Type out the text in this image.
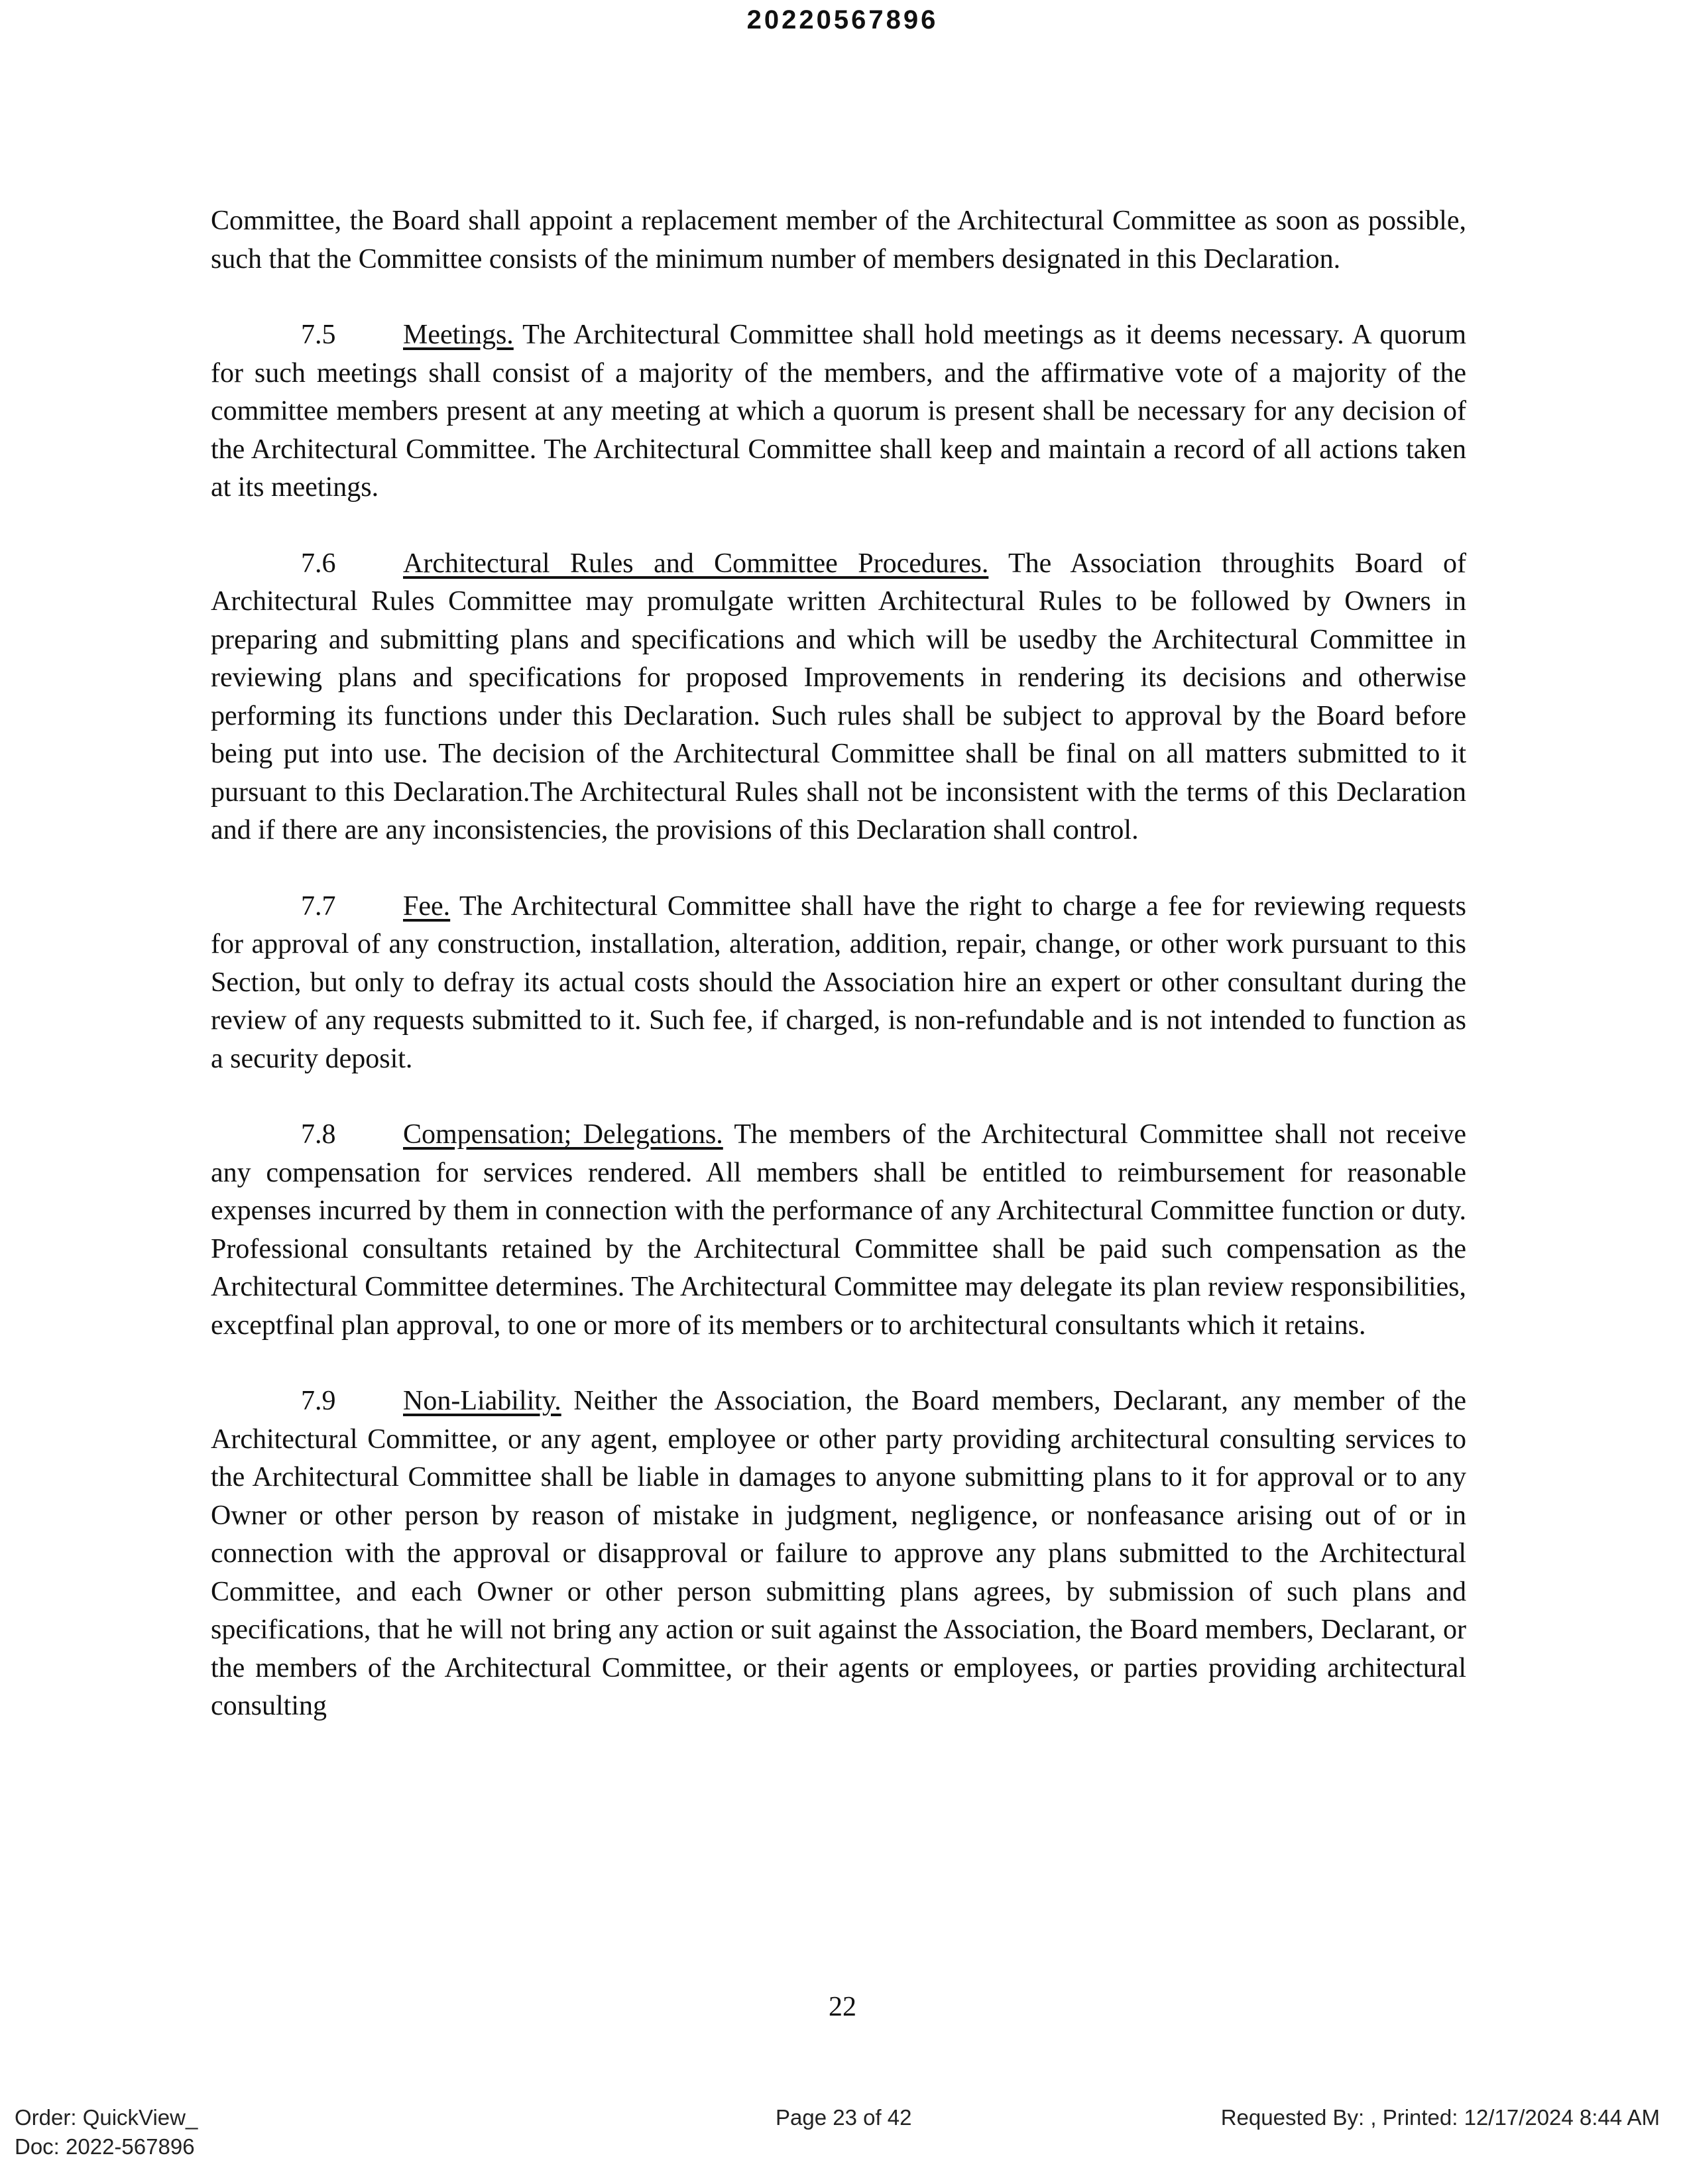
20220567896

Committee, the Board shall appoint a replacement member of the Architectural Committee as soon as possible, such that the Committee consists of the minimum number of members designated in this Declaration.

7.5 Meetings. The Architectural Committee shall hold meetings as it deems necessary. A quorum for such meetings shall consist of a majority of the members, and the affirmative vote of a majority of the committee members present at any meeting at which a quorum is present shall be necessary for any decision of the Architectural Committee. The Architectural Committee shall keep and maintain a record of all actions taken at its meetings.

7.6 Architectural Rules and Committee Procedures. The Association throughits Board of Architectural Rules Committee may promulgate written Architectural Rules to be followed by Owners in preparing and submitting plans and specifications and which will be usedby the Architectural Committee in reviewing plans and specifications for proposed Improvements in rendering its decisions and otherwise performing its functions under this Declaration. Such rules shall be subject to approval by the Board before being put into use. The decision of the Architectural Committee shall be final on all matters submitted to it pursuant to this Declaration.The Architectural Rules shall not be inconsistent with the terms of this Declaration and if there are any inconsistencies, the provisions of this Declaration shall control.

7.7 Fee. The Architectural Committee shall have the right to charge a fee for reviewing requests for approval of any construction, installation, alteration, addition, repair, change, or other work pursuant to this Section, but only to defray its actual costs should the Association hire an expert or other consultant during the review of any requests submitted to it. Such fee, if charged, is non-refundable and is not intended to function as a security deposit.

7.8 Compensation; Delegations. The members of the Architectural Committee shall not receive any compensation for services rendered. All members shall be entitled to reimbursement for reasonable expenses incurred by them in connection with the performance of any Architectural Committee function or duty. Professional consultants retained by the Architectural Committee shall be paid such compensation as the Architectural Committee determines. The Architectural Committee may delegate its plan review responsibilities, exceptfinal plan approval, to one or more of its members or to architectural consultants which it retains.

7.9 Non-Liability. Neither the Association, the Board members, Declarant, any member of the Architectural Committee, or any agent, employee or other party providing architectural consulting services to the Architectural Committee shall be liable in damages to anyone submitting plans to it for approval or to any Owner or other person by reason of mistake in judgment, negligence, or nonfeasance arising out of or in connection with the approval or disapproval or failure to approve any plans submitted to the Architectural Committee, and each Owner or other person submitting plans agrees, by submission of such plans and specifications, that he will not bring any action or suit against the Association, the Board members, Declarant, or the members of the Architectural Committee, or their agents or employees, or parties providing architectural consulting

22
Order: QuickView_
Doc: 2022-567896
Page 23 of 42	Requested By: , Printed: 12/17/2024 8:44 AM
